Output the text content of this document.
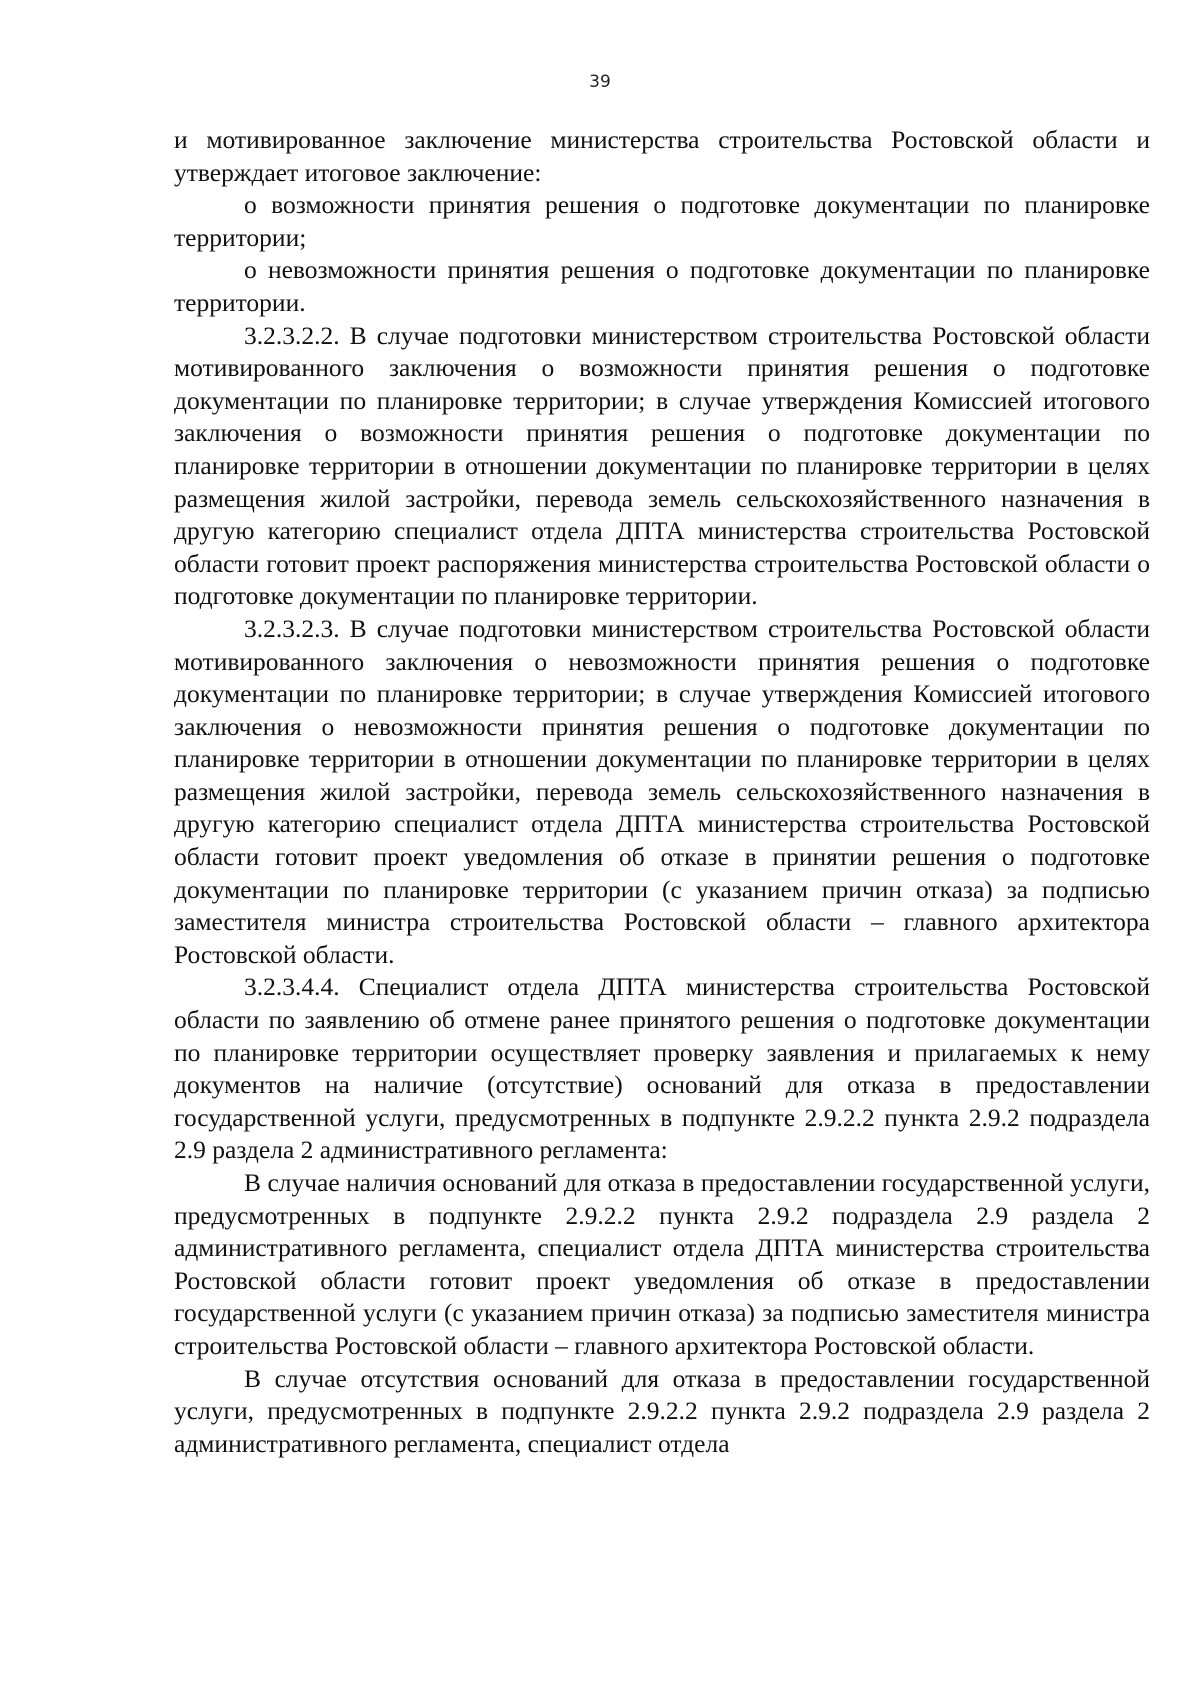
39

и мотивированное заключение министерства строительства Ростовской области и утверждает итоговое заключение:

о возможности принятия решения о подготовке документации по планировке территории;

о невозможности принятия решения о подготовке документации по планировке территории.

3.2.3.2.2. В случае подготовки министерством строительства Ростовской области мотивированного заключения о возможности принятия решения о подготовке документации по планировке территории; в случае утверждения Комиссией итогового заключения о возможности принятия решения о подготовке документации по планировке территории в отношении документации по планировке территории в целях размещения жилой застройки, перевода земель сельскохозяйственного назначения в другую категорию специалист отдела ДПТА министерства строительства Ростовской области готовит проект распоряжения министерства строительства Ростовской области о подготовке документации по планировке территории.

3.2.3.2.3. В случае подготовки министерством строительства Ростовской области мотивированного заключения о невозможности принятия решения о подготовке документации по планировке территории; в случае утверждения Комиссией итогового заключения о невозможности принятия решения о подготовке документации по планировке территории в отношении документации по планировке территории в целях размещения жилой застройки, перевода земель сельскохозяйственного назначения в другую категорию специалист отдела ДПТА министерства строительства Ростовской области готовит проект уведомления об отказе в принятии решения о подготовке документации по планировке территории (с указанием причин отказа) за подписью заместителя министра строительства Ростовской области – главного архитектора Ростовской области.

3.2.3.4.4. Специалист отдела ДПТА министерства строительства Ростовской области по заявлению об отмене ранее принятого решения о подготовке документации по планировке территории осуществляет проверку заявления и прилагаемых к нему документов на наличие (отсутствие) оснований для отказа в предоставлении государственной услуги, предусмотренных в подпункте 2.9.2.2 пункта 2.9.2 подраздела 2.9 раздела 2 административного регламента:

В случае наличия оснований для отказа в предоставлении государственной услуги, предусмотренных в подпункте 2.9.2.2 пункта 2.9.2 подраздела 2.9 раздела 2 административного регламента, специалист отдела ДПТА министерства строительства Ростовской области готовит проект уведомления об отказе в предоставлении государственной услуги (с указанием причин отказа) за подписью заместителя министра строительства Ростовской области – главного архитектора Ростовской области.

В случае отсутствия оснований для отказа в предоставлении государственной услуги, предусмотренных в подпункте 2.9.2.2 пункта 2.9.2 подраздела 2.9 раздела 2 административного регламента, специалист отдела
